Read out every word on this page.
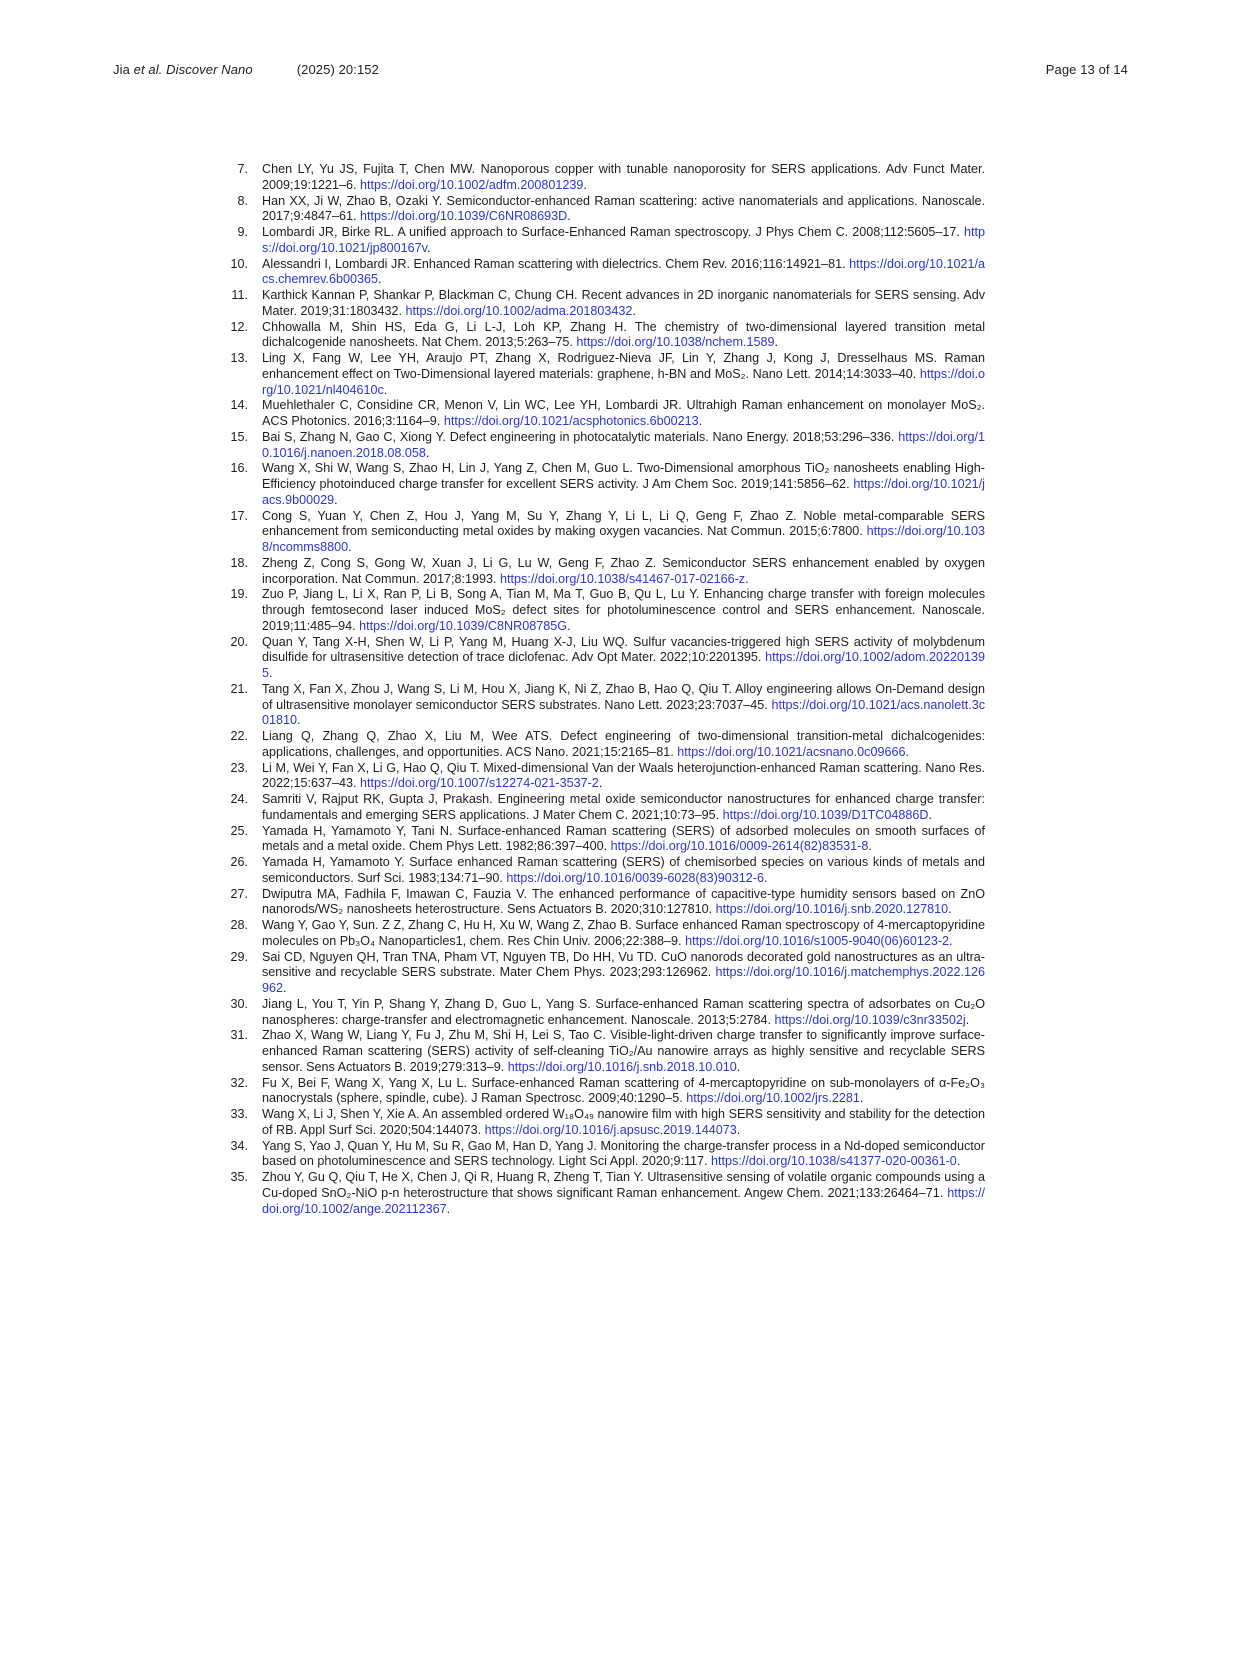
Jia et al. Discover Nano	(2025) 20:152	Page 13 of 14
7. Chen LY, Yu JS, Fujita T, Chen MW. Nanoporous copper with tunable nanoporosity for SERS applications. Adv Funct Mater. 2009;19:1221–6. https://doi.org/10.1002/adfm.200801239.
8. Han XX, Ji W, Zhao B, Ozaki Y. Semiconductor-enhanced Raman scattering: active nanomaterials and applications. Nanoscale. 2017;9:4847–61. https://doi.org/10.1039/C6NR08693D.
9. Lombardi JR, Birke RL. A unified approach to Surface-Enhanced Raman spectroscopy. J Phys Chem C. 2008;112:5605–17. https://doi.org/10.1021/jp800167v.
10. Alessandri I, Lombardi JR. Enhanced Raman scattering with dielectrics. Chem Rev. 2016;116:14921–81. https://doi.org/10.1021/acs.chemrev.6b00365.
11. Karthick Kannan P, Shankar P, Blackman C, Chung CH. Recent advances in 2D inorganic nanomaterials for SERS sensing. Adv Mater. 2019;31:1803432. https://doi.org/10.1002/adma.201803432.
12. Chhowalla M, Shin HS, Eda G, Li L-J, Loh KP, Zhang H. The chemistry of two-dimensional layered transition metal dichalcogenide nanosheets. Nat Chem. 2013;5:263–75. https://doi.org/10.1038/nchem.1589.
13. Ling X, Fang W, Lee YH, Araujo PT, Zhang X, Rodriguez-Nieva JF, Lin Y, Zhang J, Kong J, Dresselhaus MS. Raman enhancement effect on Two-Dimensional layered materials: graphene, h-BN and MoS₂. Nano Lett. 2014;14:3033–40. https://doi.org/10.1021/nl404610c.
14. Muehlethaler C, Considine CR, Menon V, Lin WC, Lee YH, Lombardi JR. Ultrahigh Raman enhancement on monolayer MoS₂. ACS Photonics. 2016;3:1164–9. https://doi.org/10.1021/acsphotonics.6b00213.
15. Bai S, Zhang N, Gao C, Xiong Y. Defect engineering in photocatalytic materials. Nano Energy. 2018;53:296–336. https://doi.org/10.1016/j.nanoen.2018.08.058.
16. Wang X, Shi W, Wang S, Zhao H, Lin J, Yang Z, Chen M, Guo L. Two-Dimensional amorphous TiO₂ nanosheets enabling High-Efficiency photoinduced charge transfer for excellent SERS activity. J Am Chem Soc. 2019;141:5856–62. https://doi.org/10.1021/jacs.9b00029.
17. Cong S, Yuan Y, Chen Z, Hou J, Yang M, Su Y, Zhang Y, Li L, Li Q, Geng F, Zhao Z. Noble metal-comparable SERS enhancement from semiconducting metal oxides by making oxygen vacancies. Nat Commun. 2015;6:7800. https://doi.org/10.1038/ncomms8800.
18. Zheng Z, Cong S, Gong W, Xuan J, Li G, Lu W, Geng F, Zhao Z. Semiconductor SERS enhancement enabled by oxygen incorporation. Nat Commun. 2017;8:1993. https://doi.org/10.1038/s41467-017-02166-z.
19. Zuo P, Jiang L, Li X, Ran P, Li B, Song A, Tian M, Ma T, Guo B, Qu L, Lu Y. Enhancing charge transfer with foreign molecules through femtosecond laser induced MoS₂ defect sites for photoluminescence control and SERS enhancement. Nanoscale. 2019;11:485–94. https://doi.org/10.1039/C8NR08785G.
20. Quan Y, Tang X-H, Shen W, Li P, Yang M, Huang X-J, Liu WQ. Sulfur vacancies-triggered high SERS activity of molybdenum disulfide for ultrasensitive detection of trace diclofenac. Adv Opt Mater. 2022;10:2201395. https://doi.org/10.1002/adom.202201395.
21. Tang X, Fan X, Zhou J, Wang S, Li M, Hou X, Jiang K, Ni Z, Zhao B, Hao Q, Qiu T. Alloy engineering allows On-Demand design of ultrasensitive monolayer semiconductor SERS substrates. Nano Lett. 2023;23:7037–45. https://doi.org/10.1021/acs.nanolett.3c01810.
22. Liang Q, Zhang Q, Zhao X, Liu M, Wee ATS. Defect engineering of two-dimensional transition-metal dichalcogenides: applications, challenges, and opportunities. ACS Nano. 2021;15:2165–81. https://doi.org/10.1021/acsnano.0c09666.
23. Li M, Wei Y, Fan X, Li G, Hao Q, Qiu T. Mixed-dimensional Van der Waals heterojunction-enhanced Raman scattering. Nano Res. 2022;15:637–43. https://doi.org/10.1007/s12274-021-3537-2.
24. Samriti V, Rajput RK, Gupta J, Prakash. Engineering metal oxide semiconductor nanostructures for enhanced charge transfer: fundamentals and emerging SERS applications. J Mater Chem C. 2021;10:73–95. https://doi.org/10.1039/D1TC04886D.
25. Yamada H, Yamamoto Y, Tani N. Surface-enhanced Raman scattering (SERS) of adsorbed molecules on smooth surfaces of metals and a metal oxide. Chem Phys Lett. 1982;86:397–400. https://doi.org/10.1016/0009-2614(82)83531-8.
26. Yamada H, Yamamoto Y. Surface enhanced Raman scattering (SERS) of chemisorbed species on various kinds of metals and semiconductors. Surf Sci. 1983;134:71–90. https://doi.org/10.1016/0039-6028(83)90312-6.
27. Dwiputra MA, Fadhila F, Imawan C, Fauzia V. The enhanced performance of capacitive-type humidity sensors based on ZnO nanorods/WS₂ nanosheets heterostructure. Sens Actuators B. 2020;310:127810. https://doi.org/10.1016/j.snb.2020.127810.
28. Wang Y, Gao Y, Sun. Z Z, Zhang C, Hu H, Xu W, Wang Z, Zhao B. Surface enhanced Raman spectroscopy of 4-mercaptopyridine molecules on Pb₃O₄ Nanoparticles1, chem. Res Chin Univ. 2006;22:388–9. https://doi.org/10.1016/s1005-9040(06)60123-2.
29. Sai CD, Nguyen QH, Tran TNA, Pham VT, Nguyen TB, Do HH, Vu TD. CuO nanorods decorated gold nanostructures as an ultra-sensitive and recyclable SERS substrate. Mater Chem Phys. 2023;293:126962. https://doi.org/10.1016/j.matchemphys.2022.126962.
30. Jiang L, You T, Yin P, Shang Y, Zhang D, Guo L, Yang S. Surface-enhanced Raman scattering spectra of adsorbates on Cu₂O nanospheres: charge-transfer and electromagnetic enhancement. Nanoscale. 2013;5:2784. https://doi.org/10.1039/c3nr33502j.
31. Zhao X, Wang W, Liang Y, Fu J, Zhu M, Shi H, Lei S, Tao C. Visible-light-driven charge transfer to significantly improve surface-enhanced Raman scattering (SERS) activity of self-cleaning TiO₂/Au nanowire arrays as highly sensitive and recyclable SERS sensor. Sens Actuators B. 2019;279:313–9. https://doi.org/10.1016/j.snb.2018.10.010.
32. Fu X, Bei F, Wang X, Yang X, Lu L. Surface-enhanced Raman scattering of 4-mercaptopyridine on sub-monolayers of α-Fe₂O₃ nanocrystals (sphere, spindle, cube). J Raman Spectrosc. 2009;40:1290–5. https://doi.org/10.1002/jrs.2281.
33. Wang X, Li J, Shen Y, Xie A. An assembled ordered W₁₈O₄₉ nanowire film with high SERS sensitivity and stability for the detection of RB. Appl Surf Sci. 2020;504:144073. https://doi.org/10.1016/j.apsusc.2019.144073.
34. Yang S, Yao J, Quan Y, Hu M, Su R, Gao M, Han D, Yang J. Monitoring the charge-transfer process in a Nd-doped semiconductor based on photoluminescence and SERS technology. Light Sci Appl. 2020;9:117. https://doi.org/10.1038/s41377-020-00361-0.
35. Zhou Y, Gu Q, Qiu T, He X, Chen J, Qi R, Huang R, Zheng T, Tian Y. Ultrasensitive sensing of volatile organic compounds using a Cu-doped SnO₂-NiO p-n heterostructure that shows significant Raman enhancement. Angew Chem. 2021;133:26464–71. https://doi.org/10.1002/ange.202112367.
